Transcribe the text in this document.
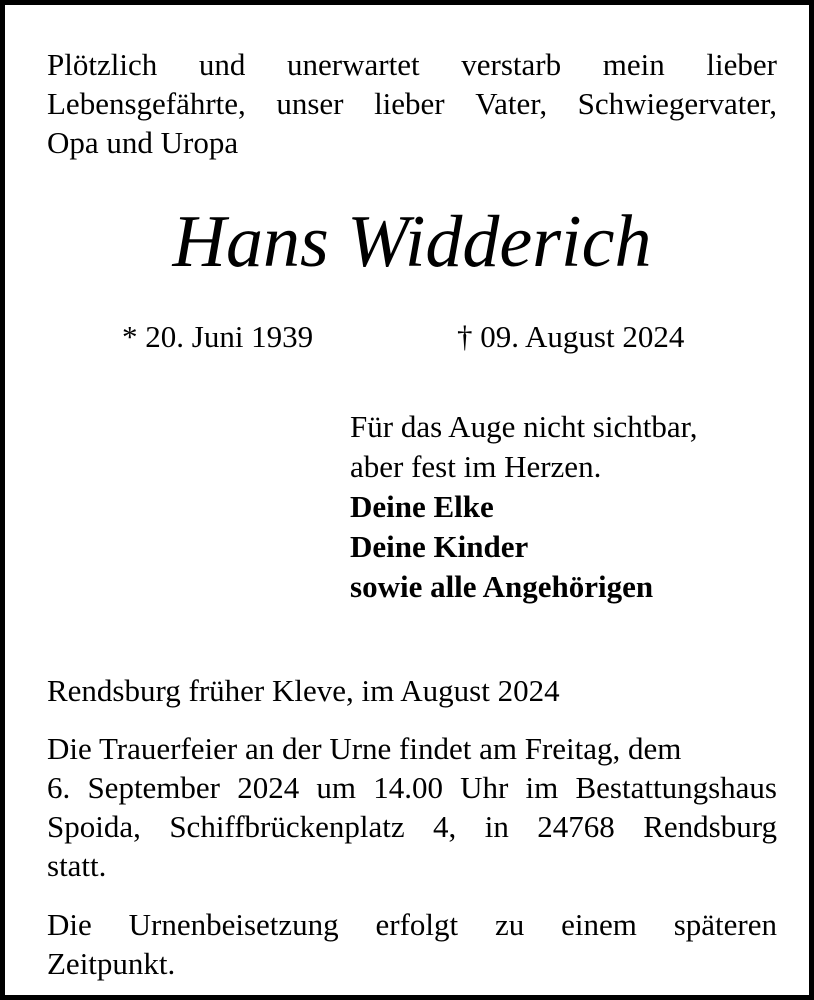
Plötzlich und unerwartet verstarb mein lieber
Lebensgefährte, unser lieber Vater, Schwiegervater,
Opa und Uropa
Hans Widderich
* 20. Juni 1939	† 09. August 2024
Für das Auge nicht sichtbar,
aber fest im Herzen.
Deine Elke
Deine Kinder
sowie alle Angehörigen
Rendsburg früher Kleve, im August 2024
Die Trauerfeier an der Urne findet am Freitag, dem
6. September 2024 um 14.00 Uhr im Bestattungshaus
Spoida, Schiffbrückenplatz 4, in 24768 Rendsburg
statt.
Die Urnenbeisetzung erfolgt zu einem späteren
Zeitpunkt.
